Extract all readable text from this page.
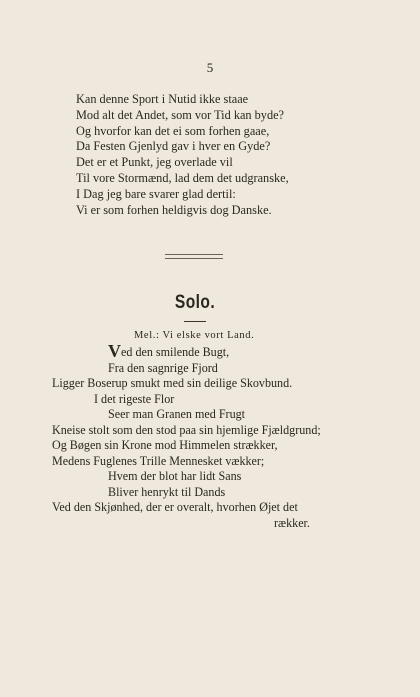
5
Kan denne Sport i Nutid ikke staae
Mod alt det Andet, som vor Tid kan byde?
Og hvorfor kan det ei som forhen gaae,
Da Festen Gjenlyd gav i hver en Gyde?
Det er et Punkt, jeg overlade vil
Til vore Stormænd, lad dem det udgranske,
I Dag jeg bare svarer glad dertil:
Vi er som forhen heldigvis dog Danske.
Solo.
Mel.: Vi elske vort Land.
Ved den smilende Bugt,
Fra den sagnrige Fjord
Ligger Boserup smukt med sin deilige Skovbund.
I det rigeste Flor
Seer man Granen med Frugt
Kneise stolt som den stod paa sin hjemlige Fjældgrund;
Og Bøgen sin Krone mod Himmelen strækker,
Medens Fuglenes Trille Mennesket vækker;
Hvem der blot har lidt Sans
Bliver henrykt til Dands
Ved den Skjønhed, der er overalt, hvorhen Øjet det
rækker.
